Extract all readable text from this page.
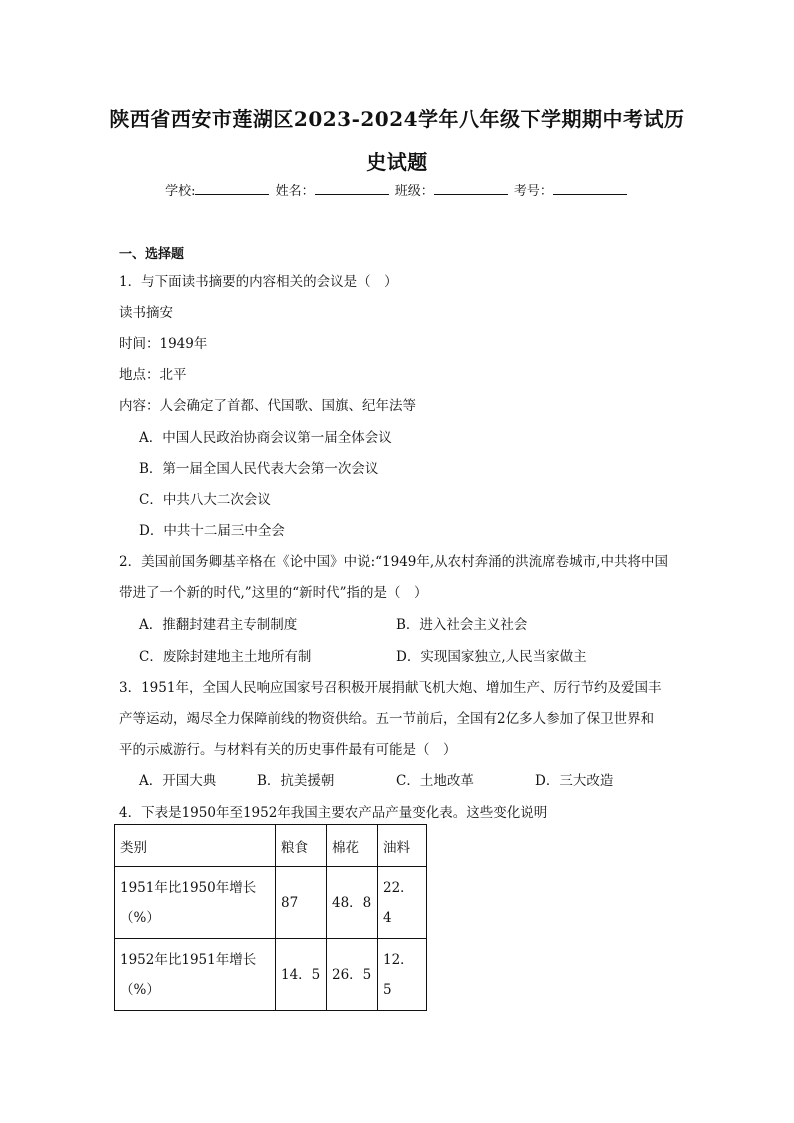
陕西省西安市莲湖区2023-2024学年八年级下学期期中考试历
史试题
学校:	姓名：	班级：	考号：
一、选择题
1．与下面读书摘要的内容相关的会议是（　）
读书摘安
时间：1949年
地点：北平
内容：人会确定了首都、代国歌、国旗、纪年法等
A．中国人民政治协商会议第一届全体会议
B．第一届全国人民代表大会第一次会议
C．中共八大二次会议
D．中共十二届三中全会
2．美国前国务卿基辛格在《论中国》中说:“1949年,从农村奔涌的洪流席卷城市,中共将中国
带进了一个新的时代,”这里的“新时代”指的是（　）
A．推翻封建君主专制制度	B．进入社会主义社会
C．废除封建地主土地所有制	D．实现国家独立,人民当家做主
3．1951年，全国人民响应国家号召积极开展捐献飞机大炮、增加生产、厉行节约及爱国丰
产等运动，竭尽全力保障前线的物资供给。五一节前后，全国有2亿多人参加了保卫世界和
平的示威游行。与材料有关的历史事件最有可能是（　）
A．开国大典	B．抗美援朝	C．土地改革	D．三大改造
4．下表是1950年至1952年我国主要农产品产量变化表。这些变化说明
类别	粮食	棉花	油料
1951年比1950年增长（%）	87	48．8	22．4
1952年比1951年增长（%）	14．5	26．5	12．5
